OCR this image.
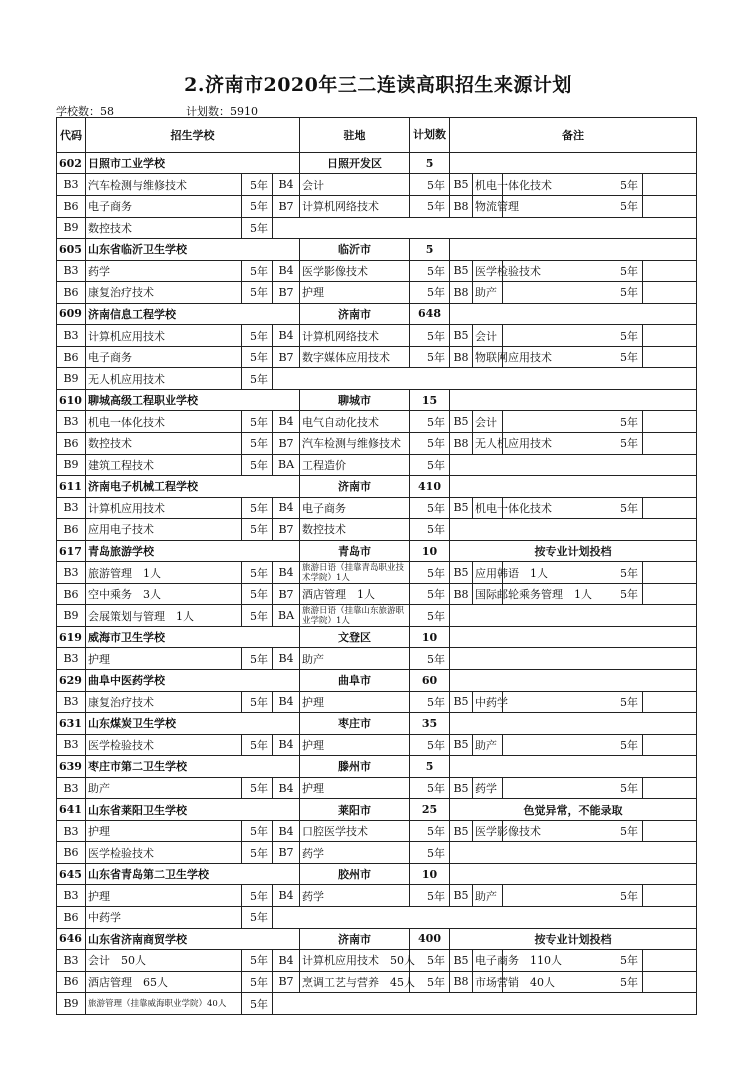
2.济南市2020年三二连读高职招生来源计划
学校数：58	计划数：5910
代码	招生学校			驻地	计划数	备注			
602	日照市工业学校			日照开发区	5				
B3	汽车检测与维修技术	5年	B4	会计	5年	B5	机电一体化技术	5年	
B6	电子商务	5年	B7	计算机网络技术	5年	B8	物流管理	5年	
B9	数控技术	5年							
605	山东省临沂卫生学校			临沂市	5				
B3	药学	5年	B4	医学影像技术	5年	B5	医学检验技术	5年	
B6	康复治疗技术	5年	B7	护理	5年	B8	助产	5年	
609	济南信息工程学校			济南市	648				
B3	计算机应用技术	5年	B4	计算机网络技术	5年	B5	会计	5年	
B6	电子商务	5年	B7	数字媒体应用技术	5年	B8	物联网应用技术	5年	
B9	无人机应用技术	5年							
610	聊城高级工程职业学校			聊城市	15				
B3	机电一体化技术	5年	B4	电气自动化技术	5年	B5	会计	5年	
B6	数控技术	5年	B7	汽车检测与维修技术	5年	B8	无人机应用技术	5年	
B9	建筑工程技术	5年	BA	工程造价	5年				
611	济南电子机械工程学校			济南市	410				
B3	计算机应用技术	5年	B4	电子商务	5年	B5	机电一体化技术	5年	
B6	应用电子技术	5年	B7	数控技术	5年				
617	青岛旅游学校			青岛市	10	按专业计划投档			
B3	旅游管理　1人	5年	B4	旅游日语（挂靠青岛职业技术学院）1人	5年	B5	应用韩语　1人	5年	
B6	空中乘务　3人	5年	B7	酒店管理　1人	5年	B8	国际邮轮乘务管理　1人	5年	
B9	会展策划与管理　1人	5年	BA	旅游日语（挂靠山东旅游职业学院）1人	5年				
619	威海市卫生学校			文登区	10				
B3	护理	5年	B4	助产	5年				
629	曲阜中医药学校			曲阜市	60				
B3	康复治疗技术	5年	B4	护理	5年	B5	中药学	5年	
631	山东煤炭卫生学校			枣庄市	35				
B3	医学检验技术	5年	B4	护理	5年	B5	助产	5年	
639	枣庄市第二卫生学校			滕州市	5				
B3	助产	5年	B4	护理	5年	B5	药学	5年	
641	山东省莱阳卫生学校			莱阳市	25	色觉异常，不能录取			
B3	护理	5年	B4	口腔医学技术	5年	B5	医学影像技术	5年	
B6	医学检验技术	5年	B7	药学	5年				
645	山东省青岛第二卫生学校			胶州市	10				
B3	护理	5年	B4	药学	5年	B5	助产	5年	
B6	中药学	5年							
646	山东省济南商贸学校			济南市	400	按专业计划投档			
B3	会计　50人	5年	B4	计算机应用技术　50人	5年	B5	电子商务　110人	5年	
B6	酒店管理　65人	5年	B7	烹调工艺与营养　45人	5年	B8	市场营销　40人	5年	
B9	旅游管理（挂靠威海职业学院）40人	5年							
